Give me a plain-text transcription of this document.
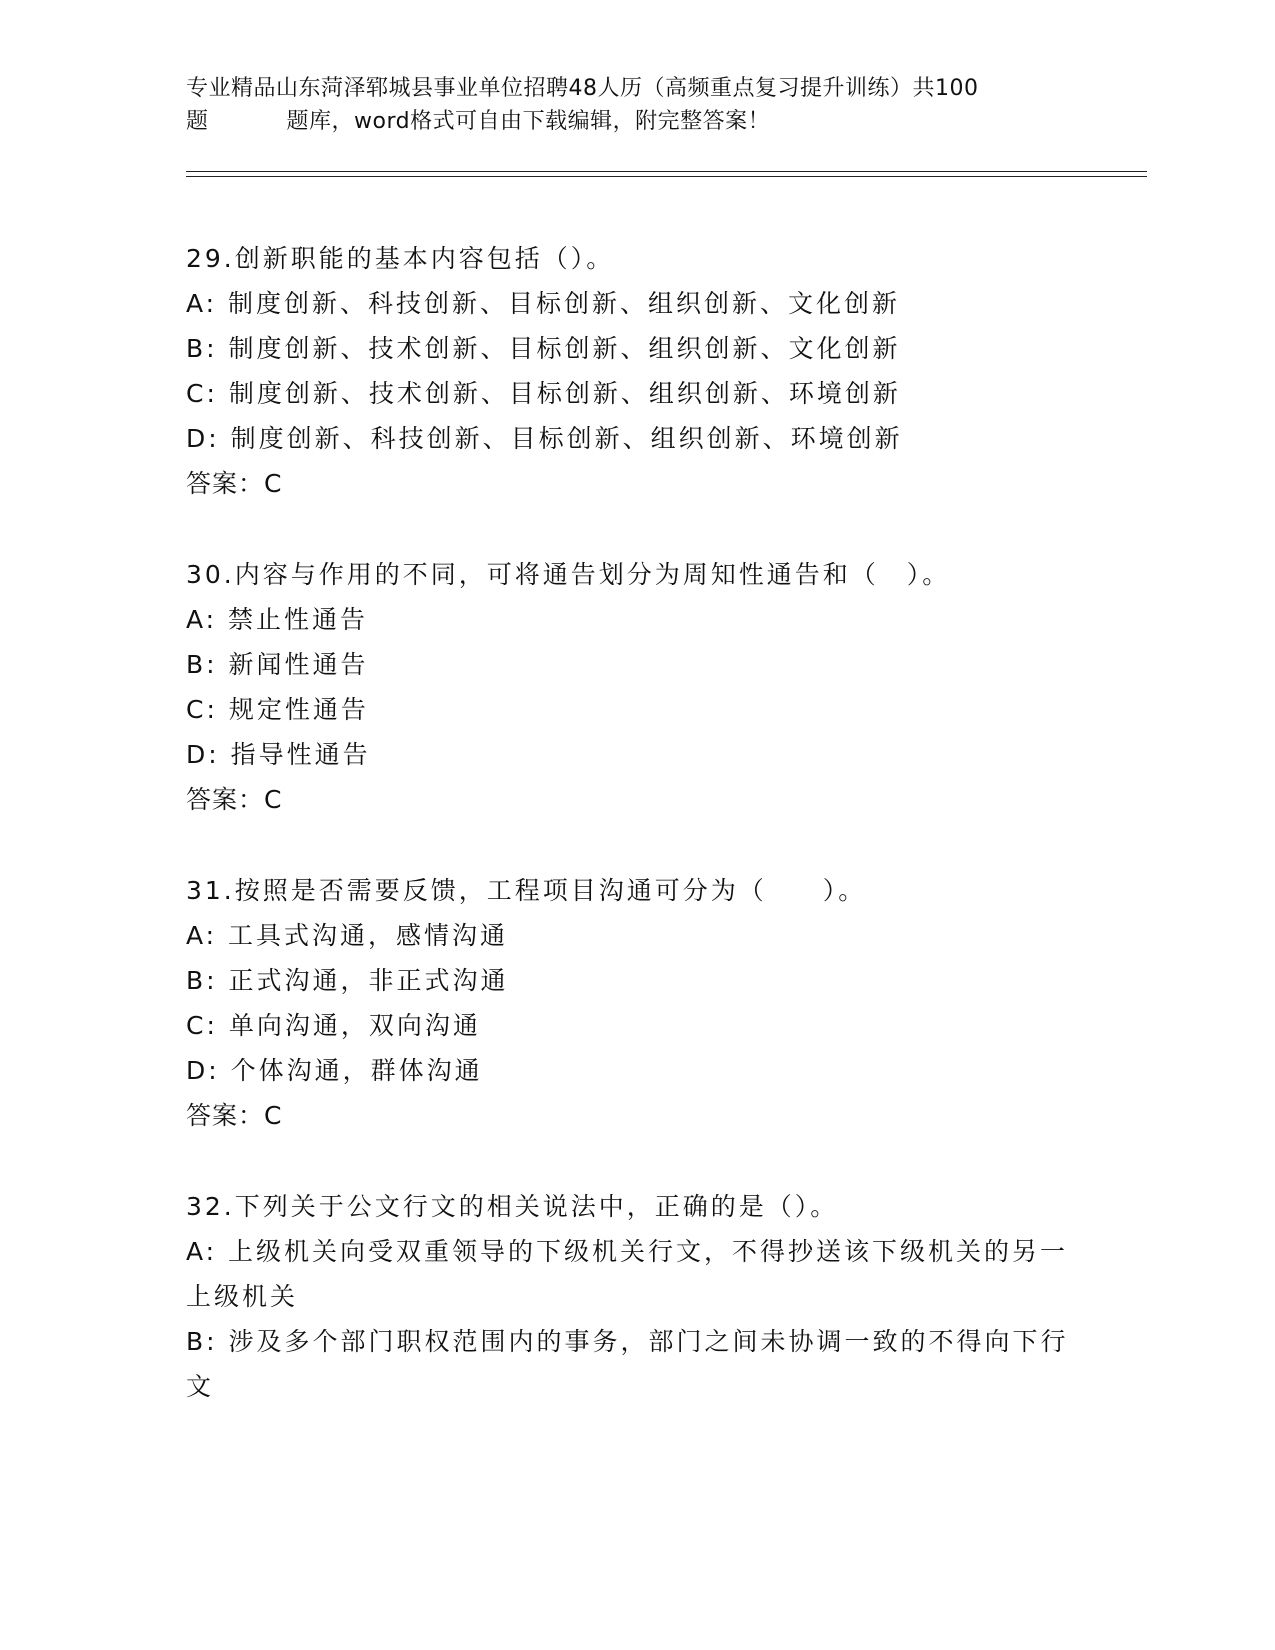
专业精品山东菏泽郓城县事业单位招聘48人历（高频重点复习提升训练）共100
题	题库，word格式可自由下载编辑，附完整答案！
29.创新职能的基本内容包括（）。
A: 制度创新、科技创新、目标创新、组织创新、文化创新
B: 制度创新、技术创新、目标创新、组织创新、文化创新
C: 制度创新、技术创新、目标创新、组织创新、环境创新
D: 制度创新、科技创新、目标创新、组织创新、环境创新
答案：C
30.内容与作用的不同，可将通告划分为周知性通告和（　）。
A: 禁止性通告
B: 新闻性通告
C: 规定性通告
D: 指导性通告
答案：C
31.按照是否需要反馈，工程项目沟通可分为（　　）。
A: 工具式沟通，感情沟通
B: 正式沟通，非正式沟通
C: 单向沟通，双向沟通
D: 个体沟通，群体沟通
答案：C
32.下列关于公文行文的相关说法中，正确的是（）。
A: 上级机关向受双重领导的下级机关行文，不得抄送该下级机关的另一上级机关
B: 涉及多个部门职权范围内的事务，部门之间未协调一致的不得向下行文
